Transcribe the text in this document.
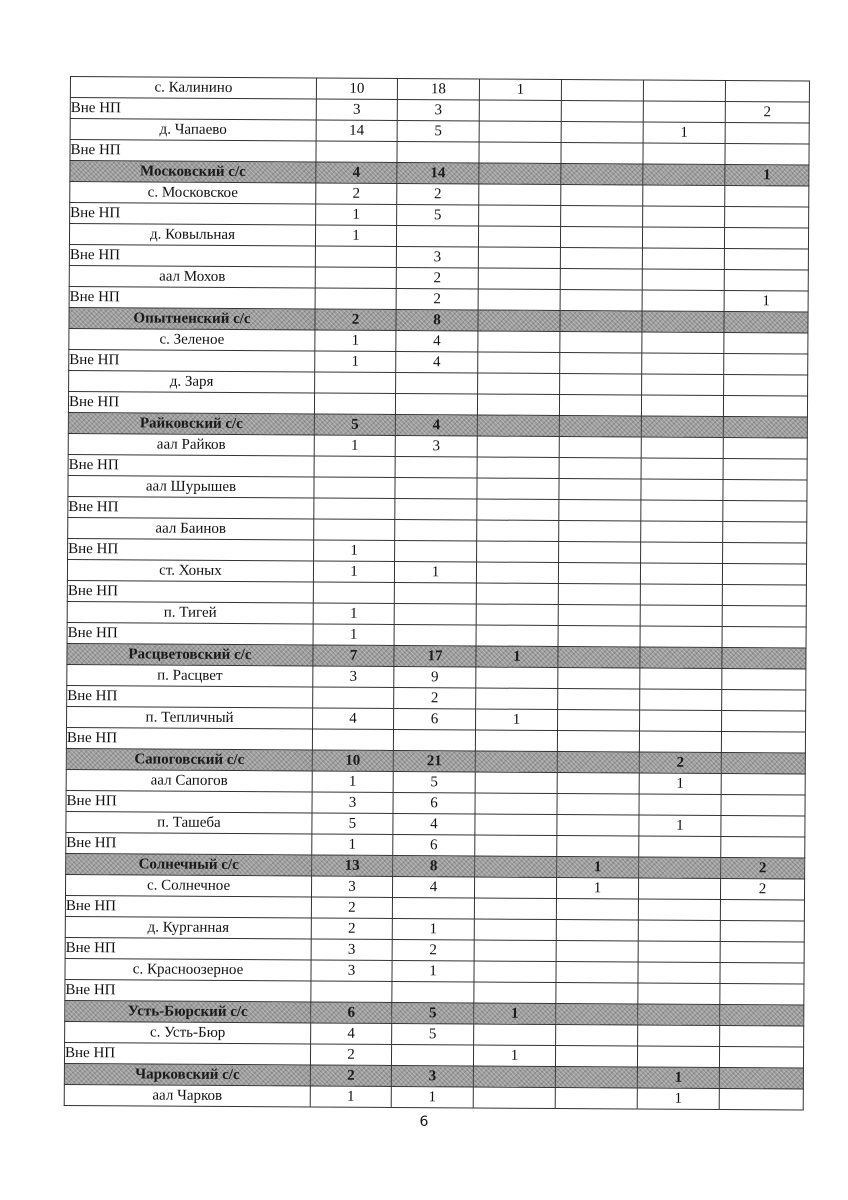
с. Калинино	10	18	1			
Вне НП	3	3				2
д. Чапаево	14	5			1	
Вне НП						
Московский с/с	4	14				1
с. Московское	2	2				
Вне НП	1	5				
д. Ковыльная	1					
Вне НП		3				
аал Мохов		2				
Вне НП		2				1
Опытненский с/с	2	8				
с. Зеленое	1	4				
Вне НП	1	4				
д. Заря						
Вне НП						
Райковский с/с	5	4				
аал Райков	1	3				
Вне НП						
аал Шурышев						
Вне НП						
аал Баинов						
Вне НП	1					
ст. Хоных	1	1				
Вне НП						
п. Тигей	1					
Вне НП	1					
Расцветовский с/с	7	17	1			
п. Расцвет	3	9				
Вне НП		2				
п. Тепличный	4	6	1			
Вне НП						
Сапоговский с/с	10	21			2	
аал Сапогов	1	5			1	
Вне НП	3	6				
п. Ташеба	5	4			1	
Вне НП	1	6				
Солнечный с/с	13	8		1		2
с. Солнечное	3	4		1		2
Вне НП	2					
д. Курганная	2	1				
Вне НП	3	2				
с. Красноозерное	3	1				
Вне НП						
Усть-Бюрский с/с	6	5	1			
с. Усть-Бюр	4	5				
Вне НП	2		1			
Чарковский с/с	2	3			1	
аал Чарков	1	1			1	
6
